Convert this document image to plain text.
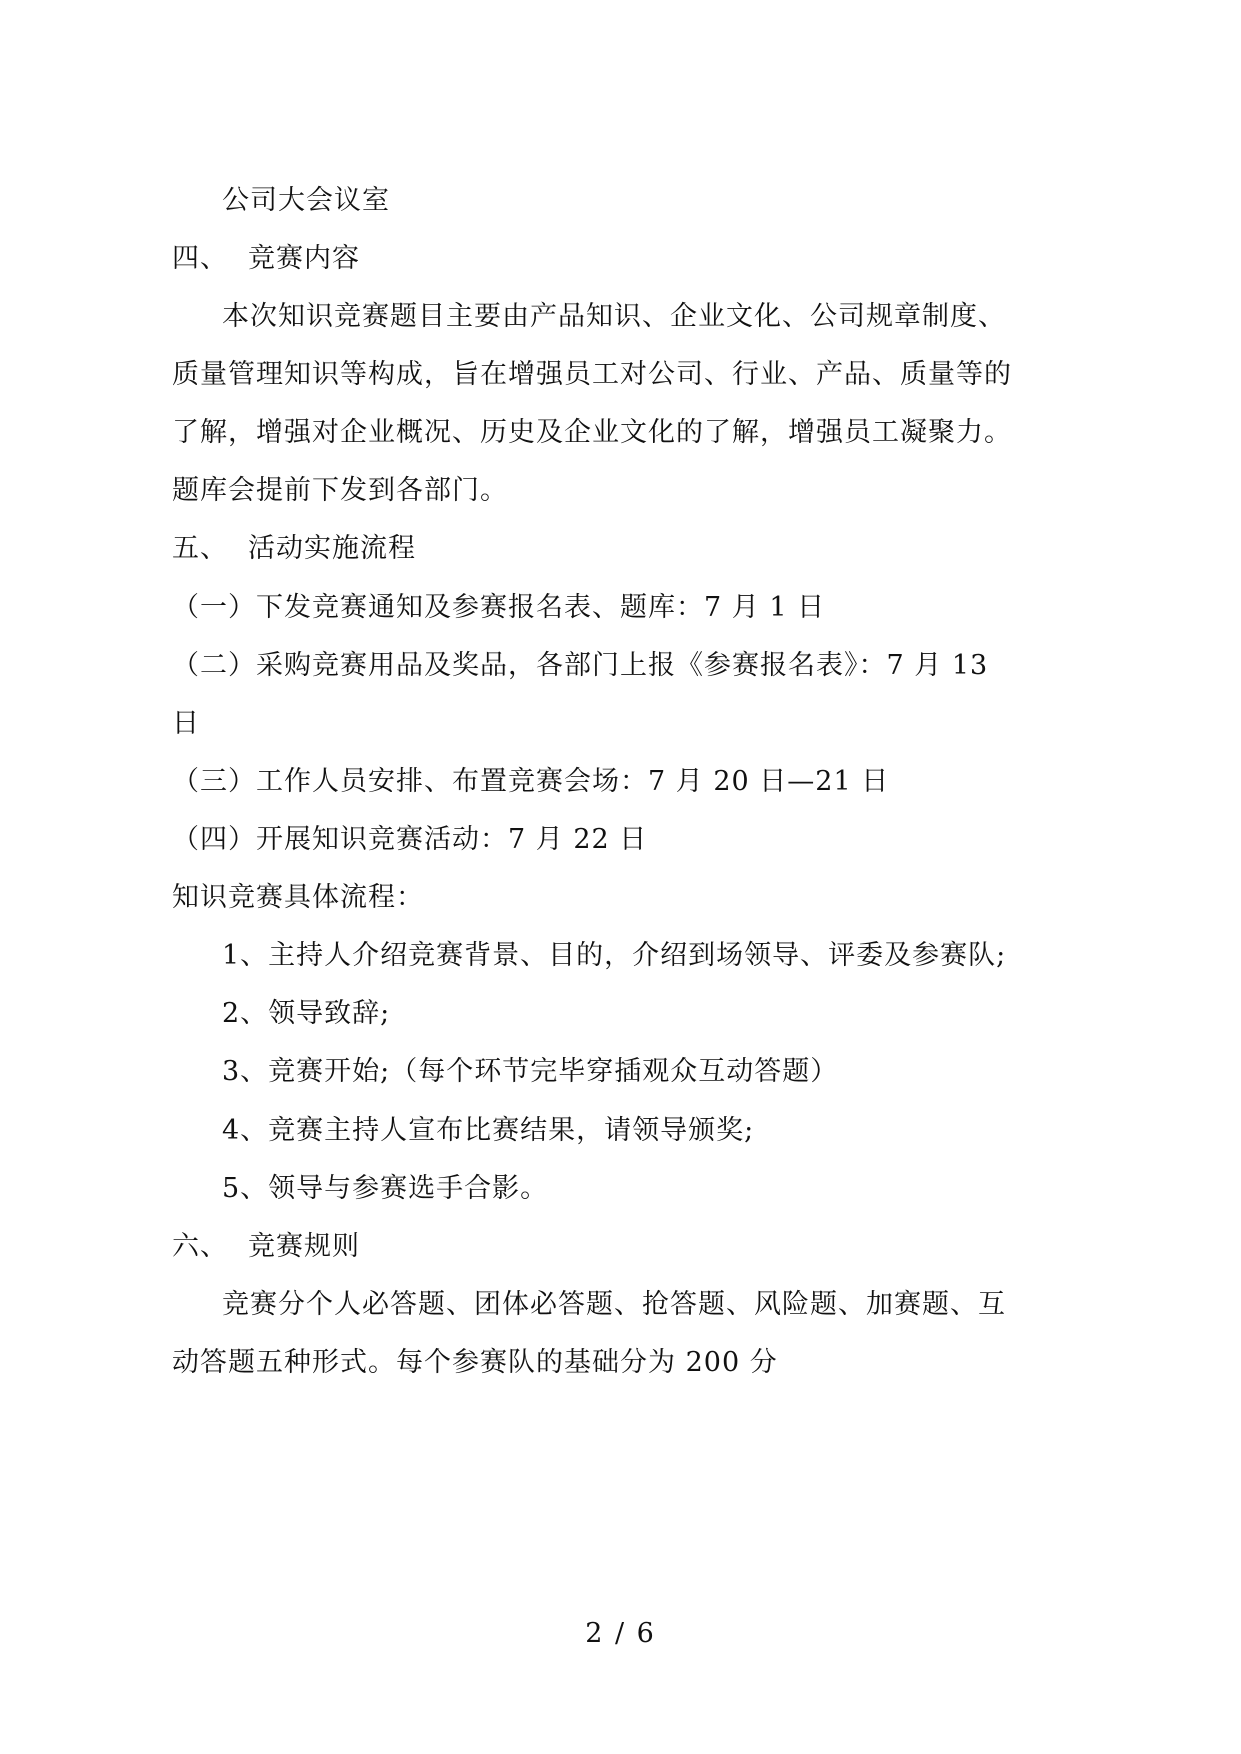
公司大会议室
四、 竞赛内容
本次知识竞赛题目主要由产品知识、企业文化、公司规章制度、
质量管理知识等构成，旨在增强员工对公司、行业、产品、质量等的
了解，增强对企业概况、历史及企业文化的了解，增强员工凝聚力。
题库会提前下发到各部门。
五、 活动实施流程
（一）下发竞赛通知及参赛报名表、题库：7 月 1 日
（二）采购竞赛用品及奖品，各部门上报《参赛报名表》：7 月 13
日
（三）工作人员安排、布置竞赛会场：7 月 20 日—21 日
（四）开展知识竞赛活动：7 月 22 日
知识竞赛具体流程：
1、主持人介绍竞赛背景、目的，介绍到场领导、评委及参赛队;
2、领导致辞;
3、竞赛开始;（每个环节完毕穿插观众互动答题）
4、竞赛主持人宣布比赛结果，请领导颁奖;
5、领导与参赛选手合影。
六、 竞赛规则
竞赛分个人必答题、团体必答题、抢答题、风险题、加赛题、互
动答题五种形式。每个参赛队的基础分为 200 分
2 / 6
